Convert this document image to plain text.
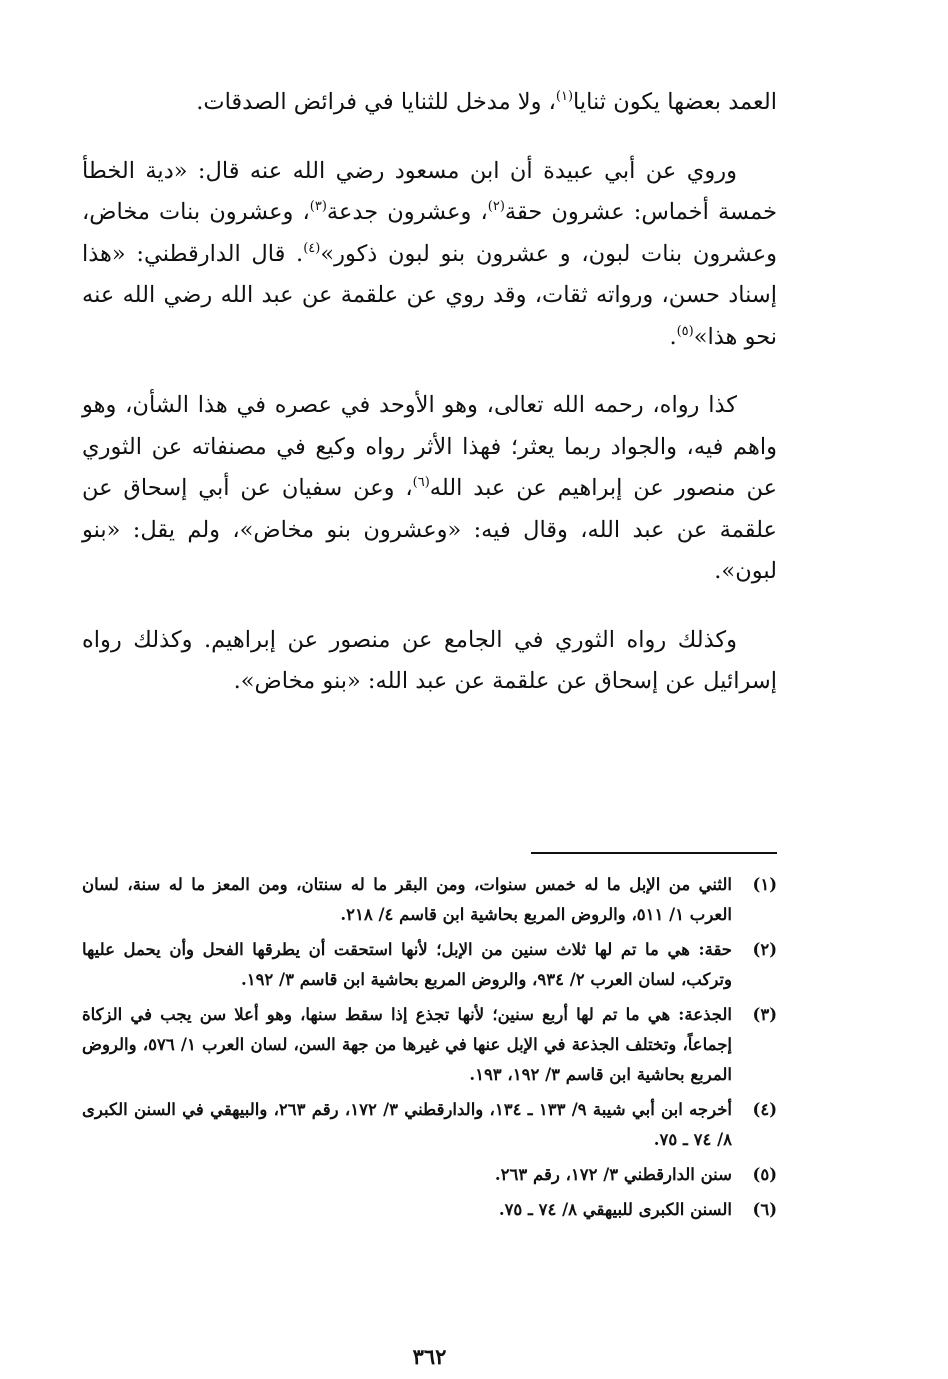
العمد بعضها يكون ثنايا$^{(١)}$، ولا مدخل للثنايا في فرائض الصدقات.

وروي عن أبي عبيدة أن ابن مسعود رضي الله عنه قال: «دية الخطأ خمسة أخماس: عشرون حقة$^{(٢)}$، وعشرون جدعة$^{(٣)}$، وعشرون بنات مخاض، وعشرون بنات لبون، و عشرون بنو لبون ذكور»$^{(٤)}$. قال الدارقطني: «هذا إسناد حسن، ورواته ثقات، وقد روي عن علقمة عن عبد الله رضي الله عنه نحو هذا»$^{(٥)}$.

كذا رواه، رحمه الله تعالى، وهو الأوحد في عصره في هذا الشأن، وهو واهم فيه، والجواد ربما يعثر؛ فهذا الأثر رواه وكيع في مصنفاته عن الثوري عن منصور عن إبراهيم عن عبد الله$^{(٦)}$، وعن سفيان عن أبي إسحاق عن علقمة عن عبد الله، وقال فيه: «وعشرون بنو مخاض»، ولم يقل: «بنو لبون».

وكذلك رواه الثوري في الجامع عن منصور عن إبراهيم. وكذلك رواه إسرائيل عن إسحاق عن علقمة عن عبد الله: «بنو مخاض».

(١)
الثني من الإبل ما له خمس سنوات، ومن البقر ما له سنتان، ومن المعز ما له سنة، لسان العرب ١/ ٥١١، والروض المربع بحاشية ابن قاسم ٤/ ٢١٨.
(٢)
حقة: هي ما تم لها ثلاث سنين من الإبل؛ لأنها استحقت أن يطرقها الفحل وأن يحمل عليها وتركب، لسان العرب ٢/ ٩٣٤، والروض المربع بحاشية ابن قاسم ٣/ ١٩٢.
(٣)
الجذعة: هي ما تم لها أربع سنين؛ لأنها تجذع إذا سقط سنها، وهو أعلا سن يجب في الزكاة إجماعاً، وتختلف الجذعة في الإبل عنها في غيرها من جهة السن، لسان العرب ١/ ٥٧٦، والروض المربع بحاشية ابن قاسم ٣/ ١٩٢، ١٩٣.
(٤)
أخرجه ابن أبي شيبة ٩/ ١٣٣ ـ ١٣٤، والدارقطني ٣/ ١٧٢، رقم ٢٦٣، والبيهقي في السنن الكبرى ٨/ ٧٤ ـ ٧٥.
(٥)
سنن الدارقطني ٣/ ١٧٢، رقم ٢٦٣.
(٦)
السنن الكبرى للبيهقي ٨/ ٧٤ ـ ٧٥.
٣٦٢
